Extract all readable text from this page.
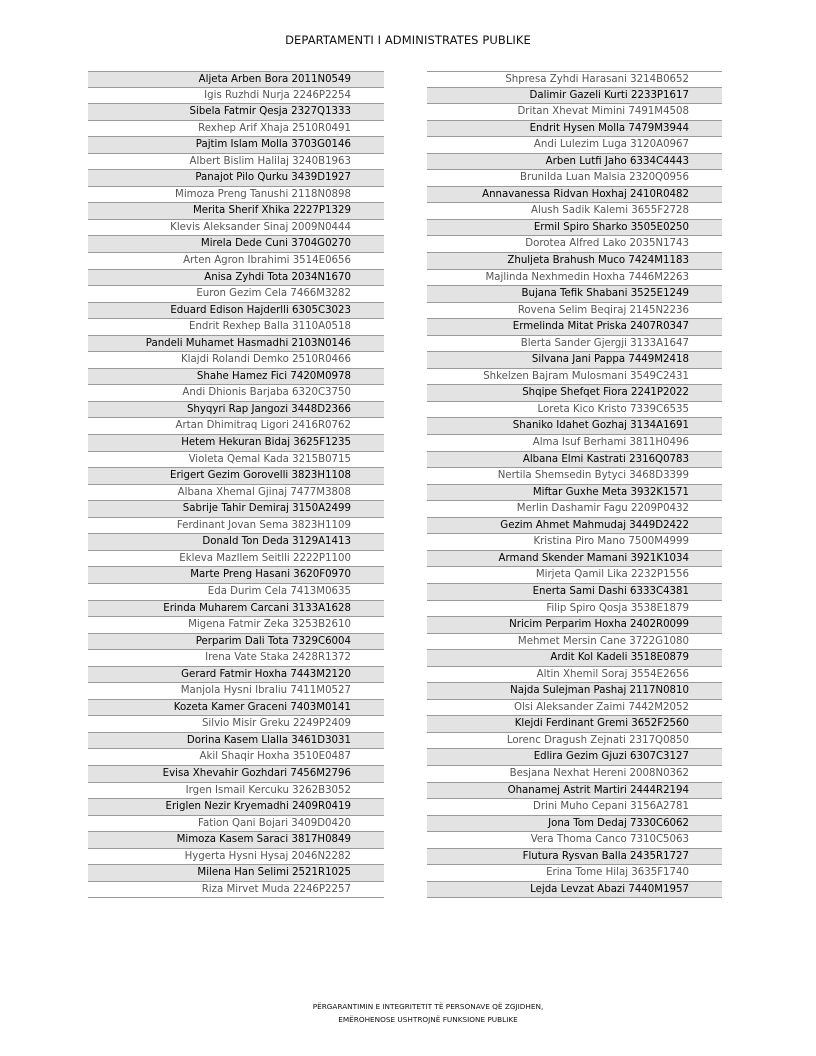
DEPARTAMENTI I ADMINISTRATES PUBLIKE
Aljeta Arben Bora 2011N0549
Igis Ruzhdi Nurja 2246P2254
Sibela Fatmir Qesja 2327Q1333
Rexhep Arif Xhaja 2510R0491
Pajtim Islam Molla 3703G0146
Albert Bislim Halilaj 3240B1963
Panajot Pilo Qurku 3439D1927
Mimoza Preng Tanushi 2118N0898
Merita Sherif Xhika 2227P1329
Klevis Aleksander Sinaj 2009N0444
Mirela Dede Cuni 3704G0270
Arten Agron Ibrahimi 3514E0656
Anisa Zyhdi Tota 2034N1670
Euron Gezim Cela 7466M3282
Eduard Edison Hajderlli 6305C3023
Endrit Rexhep Balla 3110A0518
Pandeli Muhamet Hasmadhi 2103N0146
Klajdi Rolandi Demko 2510R0466
Shahe Hamez Fici 7420M0978
Andi Dhionis Barjaba 6320C3750
Shyqyri Rap Jangozi 3448D2366
Artan Dhimitraq Ligori 2416R0762
Hetem Hekuran Bidaj 3625F1235
Violeta Qemal Kada 3215B0715
Erigert Gezim Gorovelli 3823H1108
Albana Xhemal Gjinaj 7477M3808
Sabrije Tahir Demiraj 3150A2499
Ferdinant Jovan Sema 3823H1109
Donald Ton Deda 3129A1413
Ekleva Mazllem Seitlli 2222P1100
Marte Preng Hasani 3620F0970
Eda Durim Cela 7413M0635
Erinda Muharem Carcani 3133A1628
Migena Fatmir Zeka 3253B2610
Perparim Dali Tota 7329C6004
Irena Vate Staka 2428R1372
Gerard Fatmir Hoxha 7443M2120
Manjola Hysni Ibraliu 7411M0527
Kozeta Kamer Graceni 7403M0141
Silvio Misir Greku 2249P2409
Dorina Kasem Llalla 3461D3031
Akil Shaqir Hoxha 3510E0487
Evisa Xhevahir Gozhdari 7456M2796
Irgen Ismail Kercuku 3262B3052
Eriglen Nezir Kryemadhi 2409R0419
Fation Qani Bojari 3409D0420
Mimoza Kasem Saraci 3817H0849
Hygerta Hysni Hysaj 2046N2282
Milena Han Selimi 2521R1025
Riza Mirvet Muda 2246P2257
Shpresa Zyhdi Harasani 3214B0652
Dalimir Gazeli Kurti 2233P1617
Dritan Xhevat Mimini 7491M4508
Endrit Hysen Molla 7479M3944
Andi Lulezim Luga 3120A0967
Arben Lutfi Jaho 6334C4443
Brunilda Luan Malsia 2320Q0956
Annavanessa Ridvan Hoxhaj 2410R0482
Alush Sadik Kalemi 3655F2728
Ermil Spiro Sharko 3505E0250
Dorotea Alfred Lako 2035N1743
Zhuljeta Brahush Muco 7424M1183
Majlinda Nexhmedin Hoxha 7446M2263
Bujana Tefik Shabani 3525E1249
Rovena Selim Beqiraj 2145N2236
Ermelinda Mitat Priska 2407R0347
Blerta Sander Gjergji 3133A1647
Silvana Jani Pappa 7449M2418
Shkelzen Bajram Mulosmani 3549C2431
Shqipe Shefqet Fiora 2241P2022
Loreta Kico Kristo 7339C6535
Shaniko Idahet Gozhaj 3134A1691
Alma Isuf Berhami 3811H0496
Albana Elmi Kastrati 2316Q0783
Nertila Shemsedin Bytyci 3468D3399
Miftar Guxhe Meta 3932K1571
Merlin Dashamir Fagu 2209P0432
Gezim Ahmet Mahmudaj 3449D2422
Kristina Piro Mano 7500M4999
Armand Skender Mamani 3921K1034
Mirjeta Qamil Lika 2232P1556
Enerta Sami Dashi 6333C4381
Filip Spiro Qosja 3538E1879
Nricim Perparim Hoxha 2402R0099
Mehmet Mersin Cane 3722G1080
Ardit Kol Kadeli 3518E0879
Altin Xhemil Soraj 3554E2656
Najda Sulejman Pashaj 2117N0810
Olsi Aleksander Zaimi 7442M2052
Klejdi Ferdinant Gremi 3652F2560
Lorenc Dragush Zejnati 2317Q0850
Edlira Gezim Gjuzi 6307C3127
Besjana Nexhat Hereni 2008N0362
Ohanamej Astrit Martiri 2444R2194
Drini Muho Cepani 3156A2781
Jona Tom Dedaj 7330C6062
Vera Thoma Canco 7310C5063
Flutura Rysvan Balla 2435R1727
Erina Tome Hilaj 3635F1740
Lejda Levzat Abazi 7440M1957
PËRGARANTIMIN E INTEGRITETIT TË PERSONAVE QË ZGJIDHEN,
EMËROHENOSE USHTROJNË FUNKSIONE PUBLIKE
